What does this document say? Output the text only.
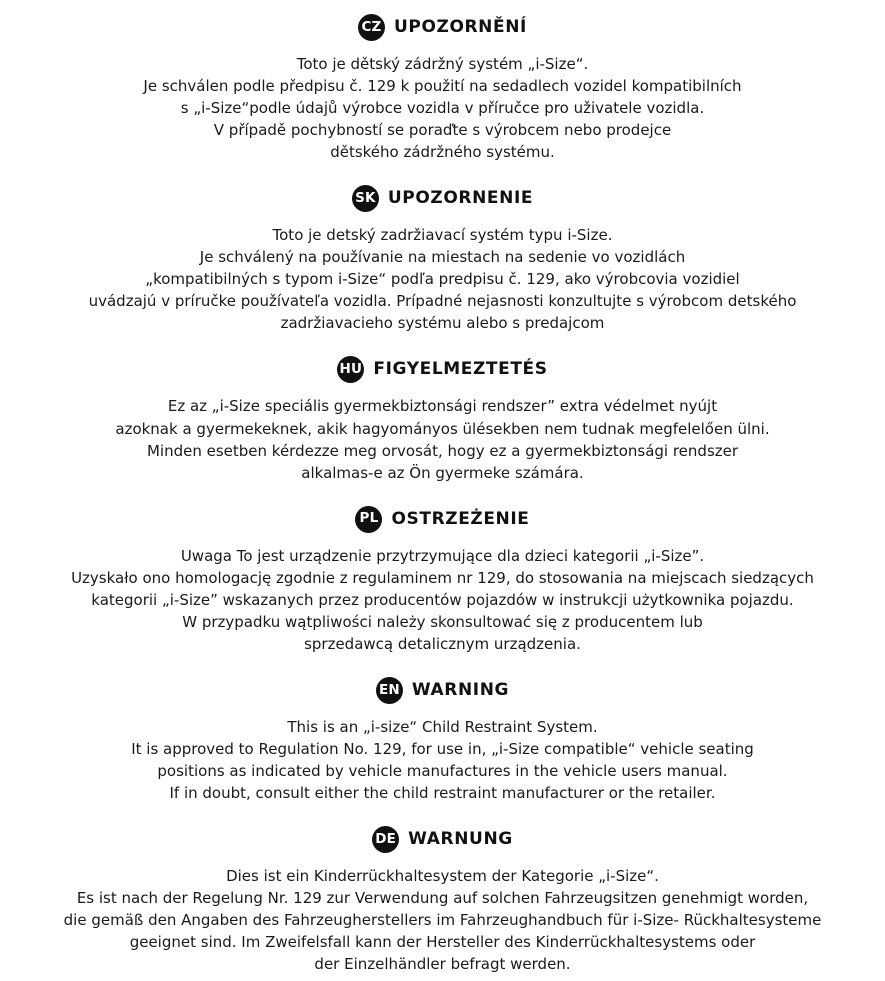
CZ UPOZORNĚNÍ
Toto je dětský zádržný systém „i-Size“.
Je schválen podle předpisu č. 129 k použití na sedadlech vozidel kompatibilních
s „i-Size“podle údajů výrobce vozidla v příručce pro uživatele vozidla.
V případě pochybností se poraďte s výrobcem nebo prodejce
dětského zádržného systému.
SK UPOZORNENIE
Toto je detský zadržiavací systém typu i-Size.
Je schválený na používanie na miestach na sedenie vo vozidlách
„kompatibilných s typom i-Size“ podľa predpisu č. 129, ako výrobcovia vozidiel
uvádzajú v príručke používateľa vozidla. Prípadné nejasnosti konzultujte s výrobcom detského
zadržiavacieho systému alebo s predajcom
HU FIGYELMEZTETÉS
Ez az „i-Size speciális gyermekbiztonsági rendszer” extra védelmet nyújt
azoknak a gyermekeknek, akik hagyományos ülésekben nem tudnak megfelelően ülni.
Minden esetben kérdezze meg orvosát, hogy ez a gyermekbiztonsági rendszer
alkalmas-e az Ön gyermeke számára.
PL OSTRZEŻENIE
Uwaga To jest urządzenie przytrzymujące dla dzieci kategorii „i-Size”.
Uzyskało ono homologację zgodnie z regulaminem nr 129, do stosowania na miejscach siedzących
kategorii „i-Size” wskazanych przez producentów pojazdów w instrukcji użytkownika pojazdu.
W przypadku wątpliwości należy skonsultować się z producentem lub
sprzedawcą detalicznym urządzenia.
EN WARNING
This is an „i-size“ Child Restraint System.
It is approved to Regulation No. 129, for use in, „i-Size compatible“ vehicle seating
positions as indicated by vehicle manufactures in the vehicle users manual.
If in doubt, consult either the child restraint manufacturer or the retailer.
DE WARNUNG
Dies ist ein Kinderrückhaltesystem der Kategorie „i-Size“.
Es ist nach der Regelung Nr. 129 zur Verwendung auf solchen Fahrzeugsitzen genehmigt worden,
die gemäß den Angaben des Fahrzeugherstellers im Fahrzeughandbuch für i-Size- Rückhaltesysteme
geeignet sind. Im Zweifelsfall kann der Hersteller des Kinderrückhaltesystems oder
der Einzelhändler befragt werden.
